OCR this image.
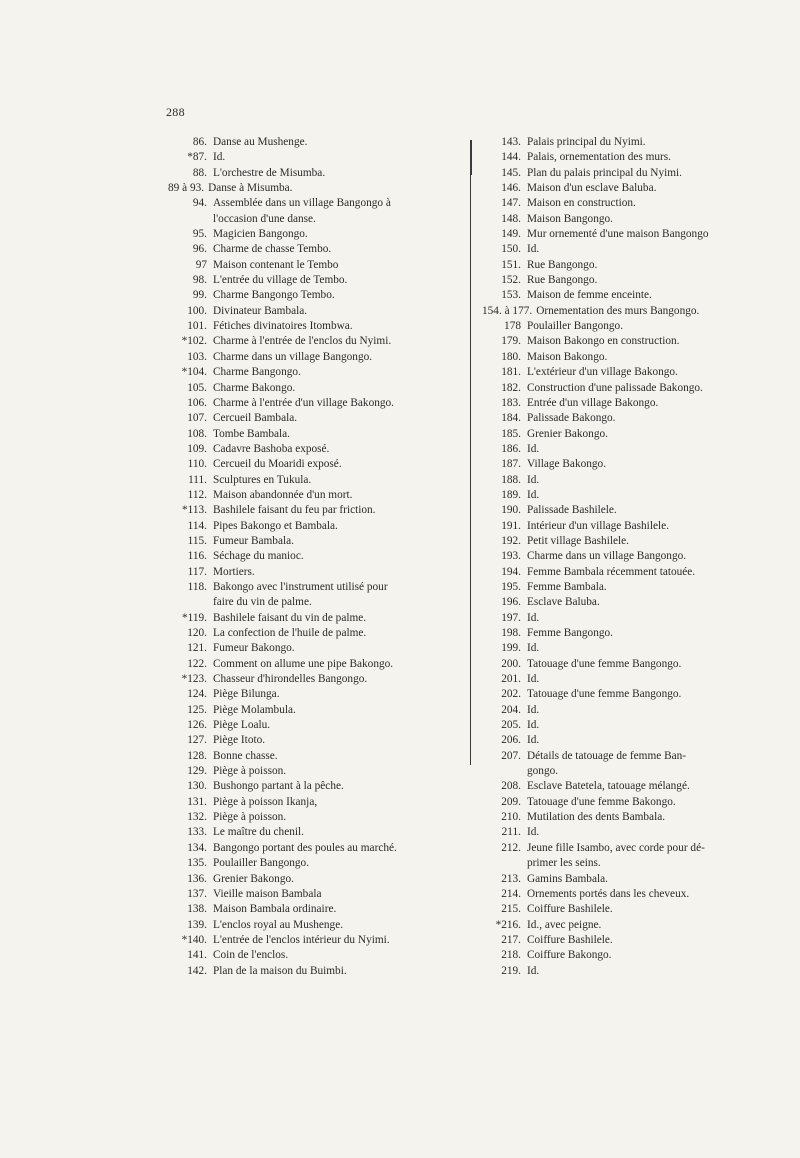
288
86. Danse au Mushenge.
*87. Id.
88. L'orchestre de Misumba.
89 à 93. Danse à Misumba.
94. Assemblée dans un village Bangongo à
l'occasion d'une danse.
95. Magicien Bangongo.
96. Charme de chasse Tembo.
97 Maison contenant le Tembo
98. L'entrée du village de Tembo.
99. Charme Bangongo Tembo.
100. Divinateur Bambala.
101. Fétiches divinatoires Itombwa.
*102. Charme à l'entrée de l'enclos du Nyimi.
103. Charme dans un village Bangongo.
*104. Charme Bangongo.
105. Charme Bakongo.
106. Charme à l'entrée d'un village Bakongo.
107. Cercueil Bambala.
108. Tombe Bambala.
109. Cadavre Bashoba exposé.
110. Cercueil du Moaridi exposé.
111. Sculptures en Tukula.
112. Maison abandonnée d'un mort.
*113. Bashilele faisant du feu par friction.
114. Pipes Bakongo et Bambala.
115. Fumeur Bambala.
116. Séchage du manioc.
117. Mortiers.
118. Bakongo avec l'instrument utilisé pour
faire du vin de palme.
*119. Bashilele faisant du vin de palme.
120. La confection de l'huile de palme.
121. Fumeur Bakongo.
122. Comment on allume une pipe Bakongo.
*123. Chasseur d'hirondelles Bangongo.
124. Piège Bilunga.
125. Piège Molambula.
126. Piège Loalu.
127. Piège Itoto.
128. Bonne chasse.
129. Piège à poisson.
130. Bushongo partant à la pêche.
131. Piège à poisson Ikanja,
132. Piège à poisson.
133. Le maître du chenil.
134. Bangongo portant des poules au marché.
135. Poulailler Bangongo.
136. Grenier Bakongo.
137. Vieille maison Bambala
138. Maison Bambala ordinaire.
139. L'enclos royal au Mushenge.
*140. L'entrée de l'enclos intérieur du Nyimi.
141. Coin de l'enclos.
142. Plan de la maison du Buimbi.
143. Palais principal du Nyimi.
144. Palais, ornementation des murs.
145. Plan du palais principal du Nyimi.
146. Maison d'un esclave Baluba.
147. Maison en construction.
148. Maison Bangongo.
149. Mur ornementé d'une maison Bangongo
150. Id.
151. Rue Bangongo.
152. Rue Bangongo.
153. Maison de femme enceinte.
154. à 177. Ornementation des murs Bangongo.
178 Poulailler Bangongo.
179. Maison Bakongo en construction.
180. Maison Bakongo.
181. L'extérieur d'un village Bakongo.
182. Construction d'une palissade Bakongo.
183. Entrée d'un village Bakongo.
184. Palissade Bakongo.
185. Grenier Bakongo.
186. Id.
187. Village Bakongo.
188. Id.
189. Id.
190. Palissade Bashilele.
191. Intérieur d'un village Bashilele.
192. Petit village Bashilele.
193. Charme dans un village Bangongo.
194. Femme Bambala récemment tatouée.
195. Femme Bambala.
196. Esclave Baluba.
197. Id.
198. Femme Bangongo.
199. Id.
200. Tatouage d'une femme Bangongo.
201. Id.
202. Tatouage d'une femme Bangongo.
204. Id.
205. Id.
206. Id.
207. Détails de tatouage de femme Ban-
gongo.
208. Esclave Batetela, tatouage mélangé.
209. Tatouage d'une femme Bakongo.
210. Mutilation des dents Bambala.
211. Id.
212. Jeune fille Isambo, avec corde pour dé-
primer les seins.
213. Gamins Bambala.
214. Ornements portés dans les cheveux.
215. Coiffure Bashilele.
*216. Id., avec peigne.
217. Coiffure Bashilele.
218. Coiffure Bakongo.
219. Id.
